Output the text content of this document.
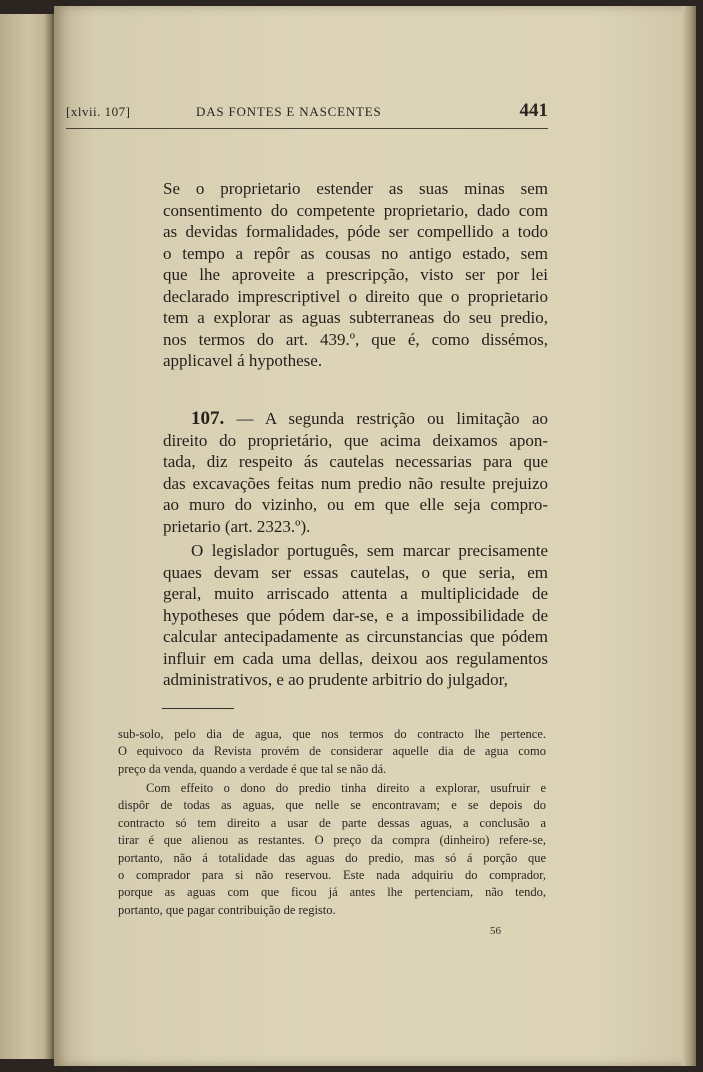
[xlvii. 107]	DAS FONTES E NASCENTES	441
Se o proprietario estender as suas minas sem
consentimento do competente proprietario, dado com
as devidas formalidades, póde ser compellido a todo
o tempo a repôr as cousas no antigo estado, sem
que lhe aproveite a prescripção, visto ser por lei
declarado imprescriptivel o direito que o proprietario
tem a explorar as aguas subterraneas do seu predio,
nos termos do art. 439.º, que é, como dissémos,
applicavel á hypothese.
107. — A segunda restrição ou limitação ao
direito do proprietário, que acima deixamos apon-
tada, diz respeito ás cautelas necessarias para que
das excavações feitas num predio não resulte prejuizo
ao muro do vizinho, ou em que elle seja compro-
prietario (art. 2323.º).
O legislador português, sem marcar precisamente
quaes devam ser essas cautelas, o que seria, em
geral, muito arriscado attenta a multiplicidade de
hypotheses que pódem dar-se, e a impossibilidade de
calcular antecipadamente as circunstancias que pódem
influir em cada uma dellas, deixou aos regulamentos
administrativos, e ao prudente arbitrio do julgador,
sub-solo, pelo dia de agua, que nos termos do contracto lhe pertence.
O equivoco da Revista provém de considerar aquelle dia de agua como
preço da venda, quando a verdade é que tal se não dá.
Com effeito o dono do predio tinha direito a explorar, usufruir e
dispôr de todas as aguas, que nelle se encontravam; e se depois do
contracto só tem direito a usar de parte dessas aguas, a conclusão a
tirar é que alienou as restantes. O preço da compra (dinheiro) refere-se,
portanto, não á totalidade das aguas do predio, mas só á porção que
o comprador para si não reservou. Este nada adquiriu do comprador,
porque as aguas com que ficou já antes lhe pertenciam, não tendo,
portanto, que pagar contribuição de registo.
56
